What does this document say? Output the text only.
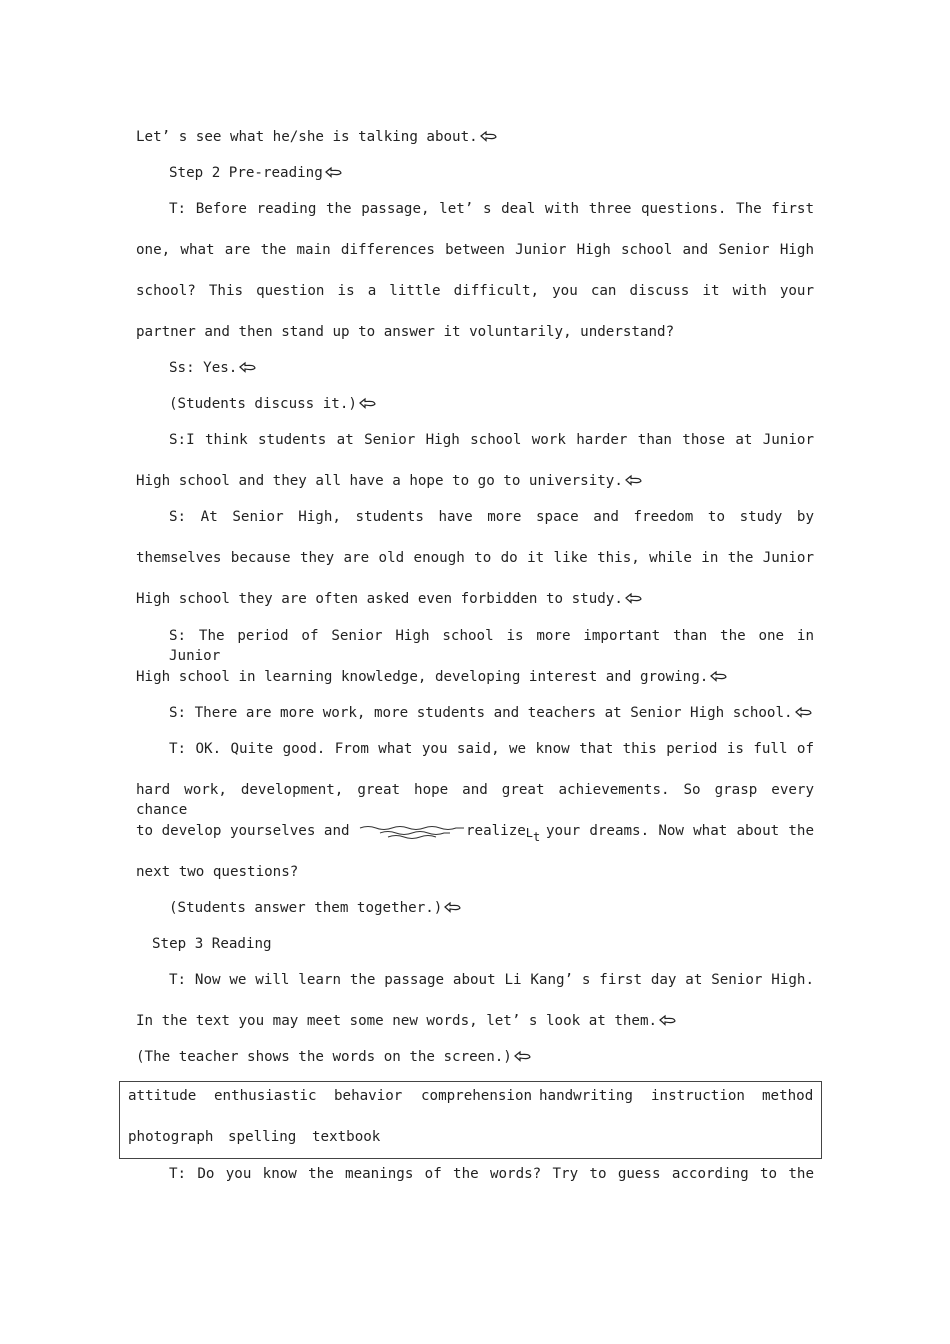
Let’ s see what he/she is talking about.
Step 2 Pre-reading
T: Before reading the passage, let’ s deal with three questions. The first
one, what are the main differences between Junior High school and Senior High
school? This question is a little difficult, you can discuss it with your
partner and then stand up to answer it voluntarily, understand?
Ss: Yes.
(Students discuss it.)
S:I think students at Senior High school work harder than those at Junior
High school and they all have a hope to go to university.
S: At Senior High, students have more space and freedom to study by
themselves because they are old enough to do it like this, while in the Junior
High school they are often asked even forbidden to study.
S: The period of Senior High school is more important than the one in Junior
High school in learning knowledge, developing interest and growing.
S: There are more work, more students and teachers at Senior High school.
T: OK. Quite good. From what you said, we know that this period is full of
hard work, development, great hope and great achievements. So grasp every chance
to develop yourselves and	realizeL$_t$ your dreams. Now what about the
next two questions?
(Students answer them together.)
Step 3 Reading
T: Now we will learn the passage about Li Kang’ s first day at Senior High.
In the text you may meet some new words, let’ s look at them.
(The teacher shows the words on the screen.)
attitude enthusiastic behavior comprehension handwriting instruction method
photograph spelling textbook
T: Do you know the meanings of the words? Try to guess according to the
